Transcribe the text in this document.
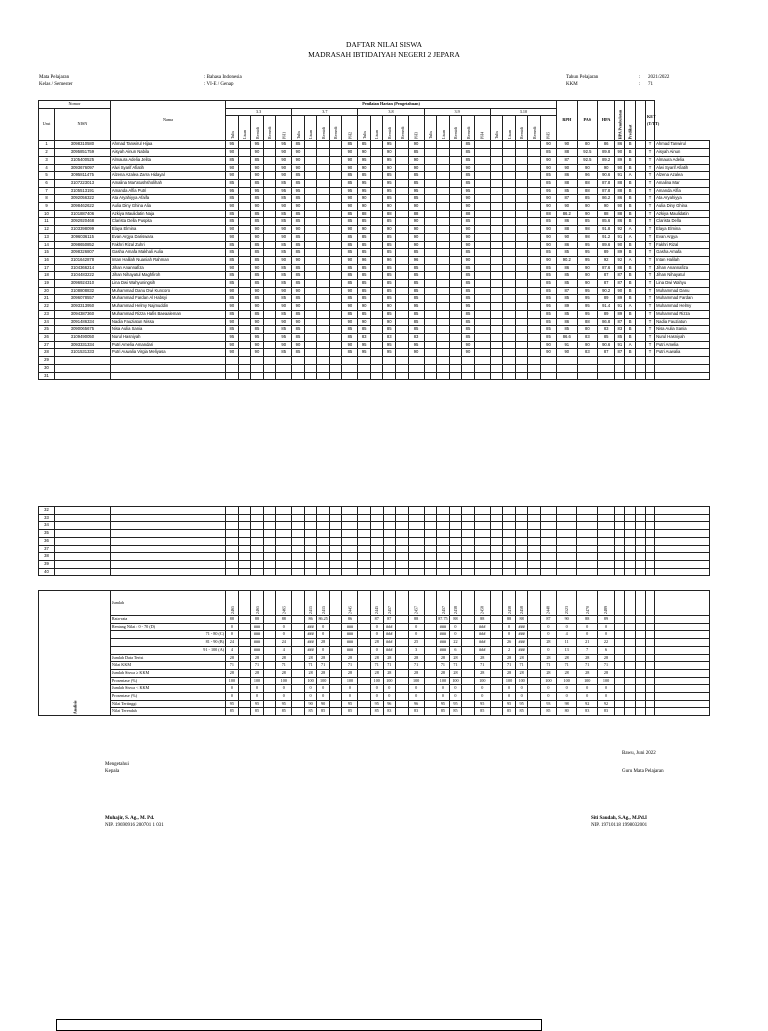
DAFTAR NILAI SISWA
MADRASAH IBTIDAIYAH NEGERI 2 JEPARA
Mata Pelajaran
Kelas / Semester
: Bahasa Indonesia
: VI-E / Genap
Tahun Pelajaran
KKM
:
:
2021/2022
71
Nomor		Nama	Penilaian Harian (Pengetahuan)																									RPH	PAS	HPA	HPA Pembulatan	Predikat		KET (T/TT)	
Urut	NISN		3.3					3.7					3.8					3.9					3.10												
			Tulis	Lisan	Remidi	Remedi	PH1	Tulis	Lisan	Remidi	Remedi	PH2	Tulis	Lisan	Remidi	Remedi	PH3	Tulis	Lisan	Remidi	Remedi	PH4	Tulis	Lisan	Remidi	Remedi	PH5								

1	3098310580	Ahmad Tanwirul Hijaa	95		95		95	85				85	85		95		90				85						90	90	80	86	86	B		T	Ahmad Tanwirul
2	3095851759	Aisyah Ainun Nabila	90		90		90	90				90	90		90		85				85						85	88	92.5	89.8	90	B		T	Aisyah Ainun
3	3105400525	Almaura Adelia Jelita	85		85		90	90				90	95		95		90				85						90	87	92.5	89.2	89	B		T	Almaura Adelia
4	3093676097	Alwi Syarif Afiatih	90		90		90	90				90	90		90		90				90						90	90	90	90	90	B		T	Alwi Syarif Afiatih
5	3095811475	Alzena Azalea Zarra Hidayal	90		90		90	85				85	85		85		85				85						85	86	96	90.6	91	A		T	Alzena Azalea
6	3107223013	Amalina Mar'atushsholihah	85		85		85	85				85	95		95		85				85						85	88	88	87.8	88	B		T	Amalina Mar
7	3105513191	Amanda Alfia Putri	95		95		95	95				95	95		95		95				95						95	85	88	87.8	88	B		T	Amanda Alfia
8	3092056322	Ata Aryahiyya Afaifa	85		85		85	85				90	90		85		85				90						90	87	85	86.2	86	B		T	Ata Aryahiyya
9	3098462622	Aulia Diny Ghina Alia	90		90		90	90				90	90		90		90				90						90	90	90	90	90	B		T	Aulia Diny Ghina
10	3101887406	Azkiya Maulidatin Naja	85		85		85	85				85	88		88		88				88						88	86.2	90	88	88	B		T	Azkiya Maulidatin
11	3092920468	Clarista Della Puspita	85		85		85	85				85	85		85		90				85						85	86	85	85.6	86	B		T	Clarista Della
12	3103398099	Elaya Elmina	90		90		90	90				90	90		90		90				90						90	88	98	91.8	92	A		T	Elaya Elmina
13	3096036115	Evan Argya Dariswara	90		90		90	85				85	85		85		90				90						90	90	98	91.2	91	A		T	Evan Argya
14	3098650852	Fakhri Rizal Zuhri	85		85		85	85				85	85		85		90				90						90	86	95	89.6	90	B		T	Fakhri Rizal
15	3098326807	Gasha Amafa Makhali Aulia	85		85		85	85				85	85		85		85				85						85	85	95	89	89	B		T	Gasha Amafa
16	3101642878	Intan Halilah Nuaniah Rahman	85		85		90	90				90	96		96		96				90						90	90.2	95	92	92	A		T	Intan Halilah
17	3104366214	Jihan Anannafiza	90		90		85	85				85	85		85		85				85						85	86	90	87.6	88	B		T	Jihan Anannafiza
18	3104483222	Jihan Nihayatul Maghfiroh	85		85		85	85				85	85		85		85				85						85	85	90	87	87	B		T	Jihan Nihayatul
19	3096924310	Lina Dwi Wahyuningsih	85		85		85	85				85	85		85		85				85						85	85	90	87	87	B		T	Lina Dwi Wahyu
20	3108808832	Muhammad Danu Dwi Kuncoro	90		90		90	90				90	85		85		85				85						85	87	95	90.2	90	B		T	Muhammad Danu
21	3096078557	Muhammad Fardan Al Habsyi	85		85		85	85				85	85		85		85				85						85	85	95	89	89	B		T	Muhammad Fardan
22	3093313950	Muhammad Helmy Najmuddin	90		90		90	90				90	90		90		95				95						95	89	95	91.4	91	A		T	Muhammad Helmy
23	3094387360	Muhammad Rizza Hafis Baeaaleman	85		85		85	85				85	85		85		85				85						85	85	95	89	89	B		T	Muhammad Rizza
24	3091486334	Nadia Fauziatun Nissa	90		90		90	90				90	90		90		85				85						85	86	88	86.8	87	B		T	Nadia Fauziatun
25	3090065675	Nisa Aulia Sania	85		85		85	85				85	85		85		85				85						85	85	80	83	83	B		T	Nisa Aulia Sania
26	3109490050	Nurul Hasniyah	95		95		95	85				85	83		83		83				85						85	86.6	83	85	85	B		T	Nurul Hasniyah
27	3093331334	Putri Amelia Amandari	90		90		90	90				90	95		95		95				90						90	91	90	90.6	91	A		T	Putri Amelia
28	3101531333	Putri Auwalia Virgia Meliyasa	90		90		85	85				85	95		95		90				90						90	90	83	87	87	B		T	Putri Auwalia
29																																			
30																																			
31																																			
32																																			
33																																			
34																																			
35																																			
36																																			
37																																			
38																																			
39																																			
40																																			
Analisis	Jumlah	2465		2465		2465		2415	2415		2445		2445	2457		2457		2457	2438		2458		2438	2458		2448	2523	2470	2489					
	Rata-rata	88		88		88		86	86.25		86		87	87		88		87.75	88		88		88	88		87	90	88	89					
	Rentang Nilai : 0 - 70 (D)	0		###		0		###	0		###		0	###		0		###	0		###		0	###		0	0	0	0					
	71 - 80 (C)	0		###		0		###	0		###		0	###		0		###	0		###		0	###		0	4	0	0					
	81 - 90 (B)	24		###		24		###	28		###		28	###		25		###	22		###		26	###		28	11	21	22					
	91 - 100 (A)	4		###		4		###	0		###		0	###		3		###	6		###		2	###		0	13	7	6					
	Jumlah Data Terisi	28		28		28		28	28		28		28	28		28		28	28		28		28	28		28	28	28	28					
	Nilai KKM	71		71		71		71	71		71		71	71		71		71	71		71		71	71		71	71	71	71					
	Jumlah Siswa ≥ KKM	28		28		28		28	28		28		28	28		28		28	28		28		28	28		28	28	28	28					
	Prosentase (%)	100		100		100		100	100		100		100	100		100		100	100		100		100	100		100	100	100	100					
	Jumlah Siswa < KKM	0		0		0		0	0		0		0	0		0		0	0		0		0	0		0	0	0	0					
	Prosentase (%)	0		0		0		0	0		0		0	0		0		0	0		0		0	0		0	0	0	0					
	Nilai Tertinggi	95		95		95		90	90		95		95	96		96		95	95		95		95	95		93	98	92	92					
	Nilai Terendah	85		85		85		85	85		85		85	83		83		85	85		85		85	85		85	80	83	83					
Bawu, Juni 2022
Mengetahui
Kepala	Guru Mata Pelajaran
Muhajir, S. Ag., M. Pd.
NIP. 19690916 200701 1 031
Siti Saudah, S.Ag., M.Pd.I
NIP. 19710118 1998032001
